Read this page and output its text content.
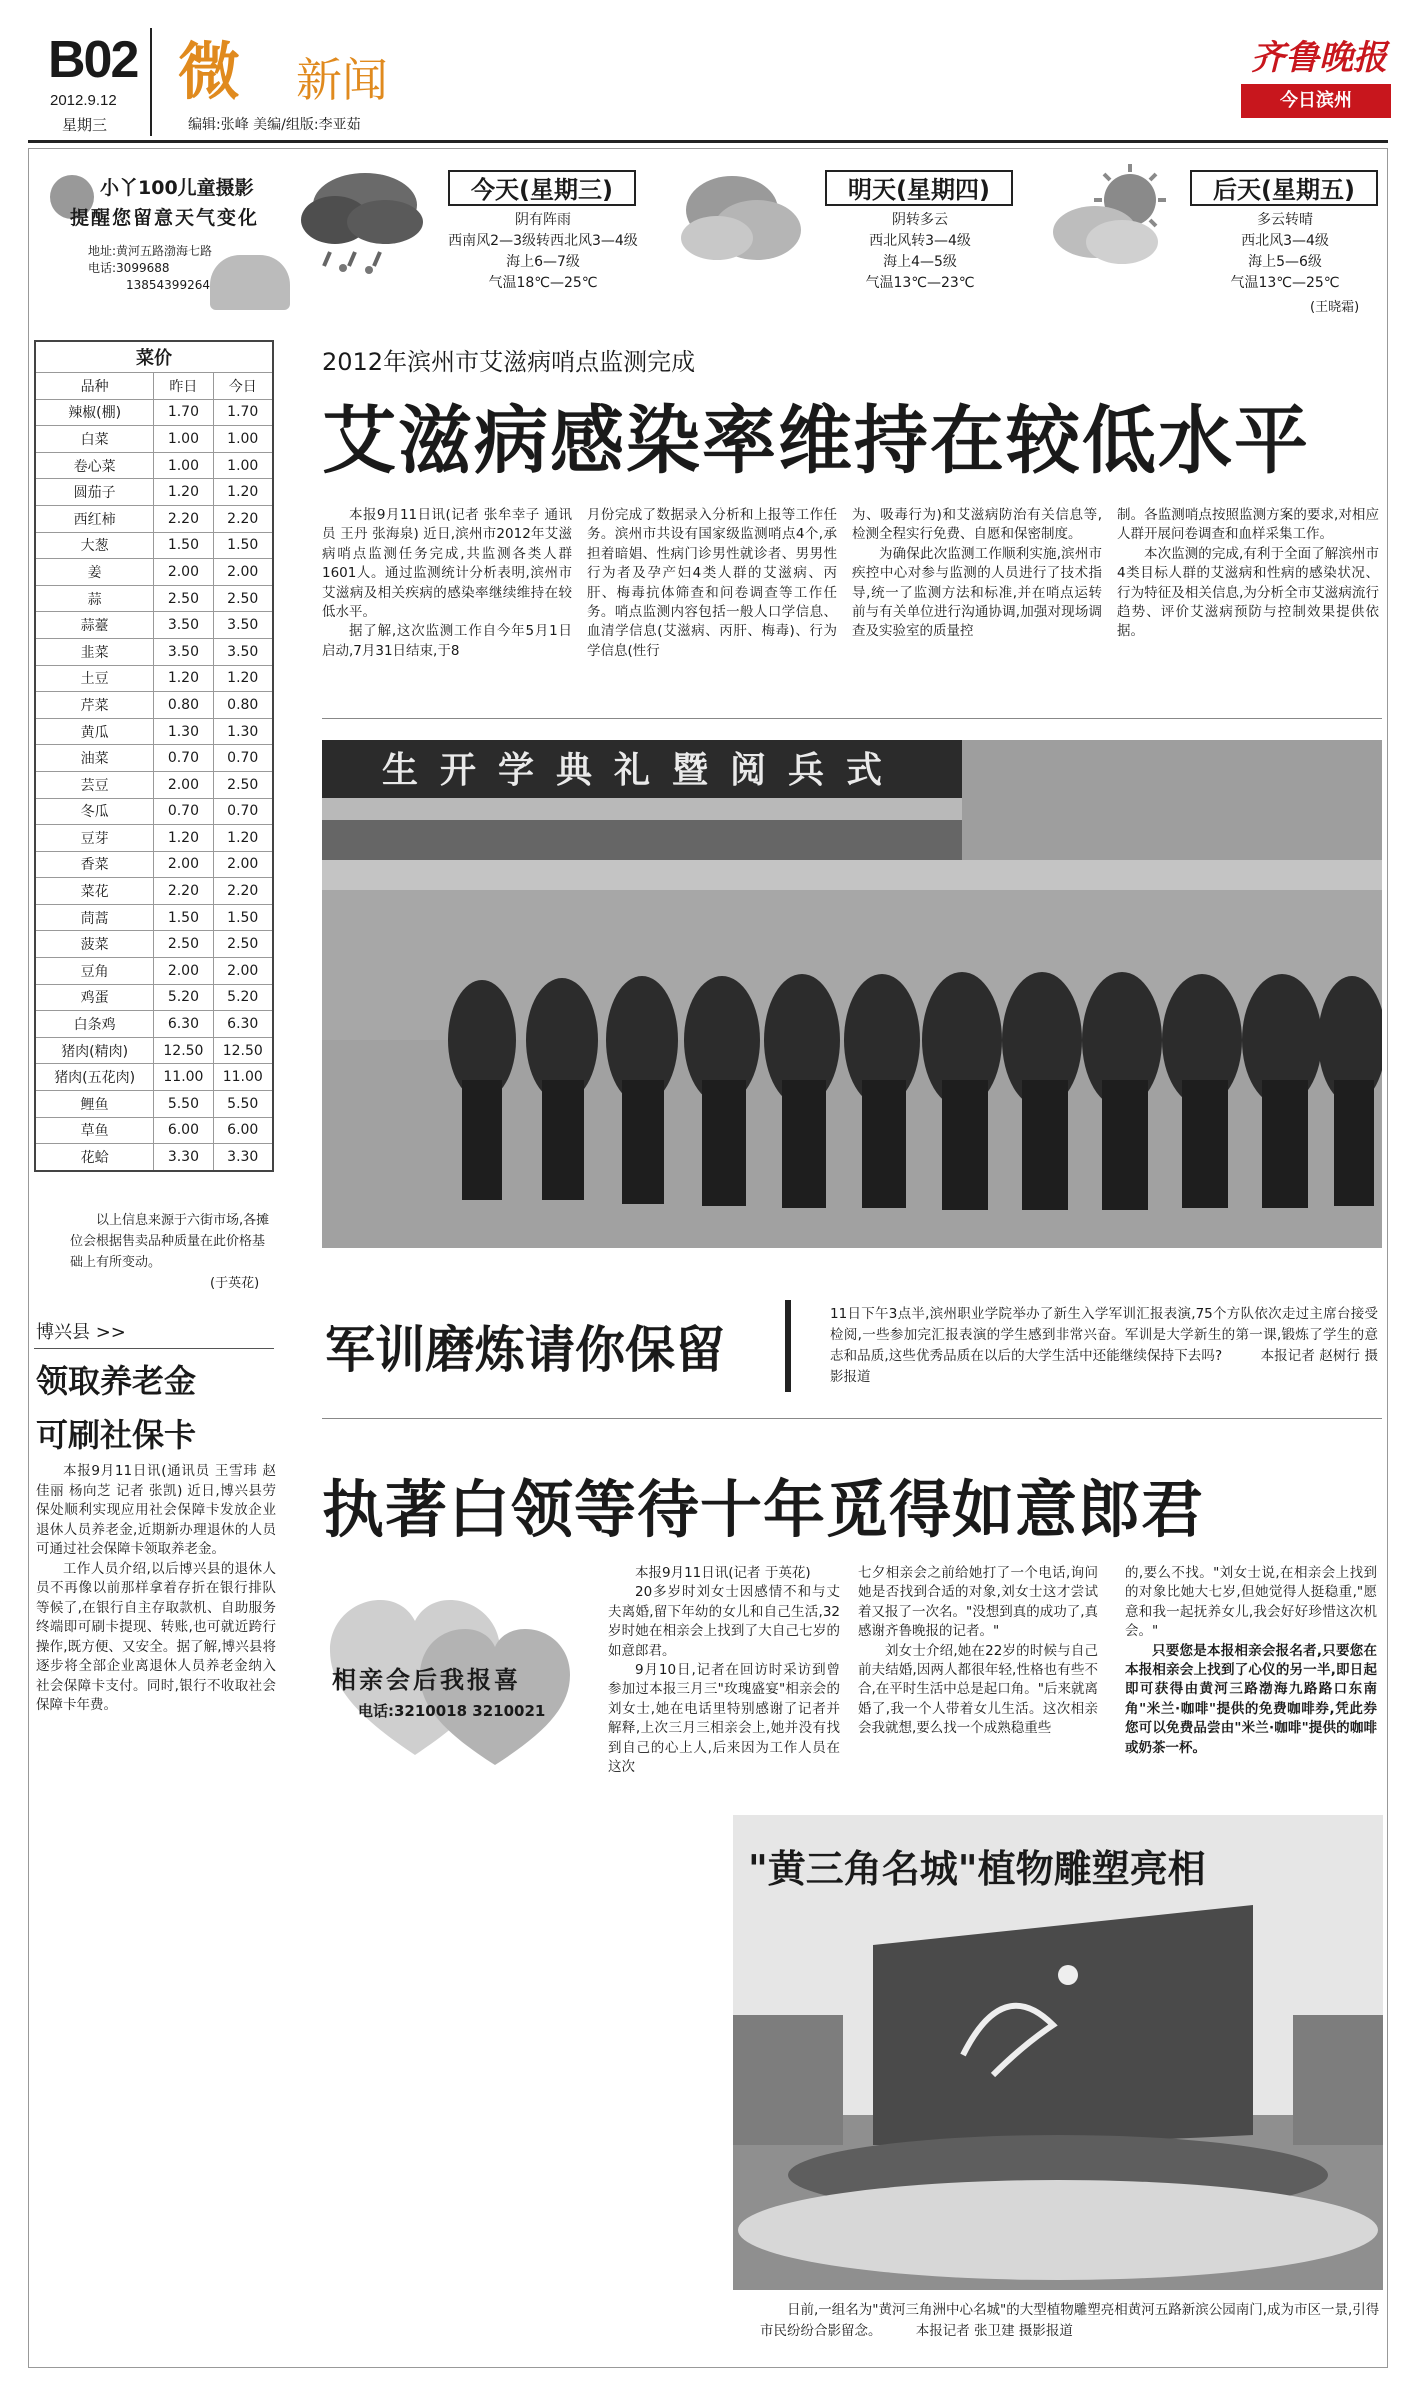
B02
2012.9.12
星期三
微 新闻
编辑:张峰 美编/组版:李亚茹
齐鲁晚报
今日滨州
小丫100儿童摄影
提醒您留意天气变化
地址:黄河五路渤海七路
电话:3099688
13854399264
今天(星期三)
阴有阵雨
西南风2—3级转西北风3—4级
海上6—7级
气温18℃—25℃
明天(星期四)
阴转多云
西北风转3—4级
海上4—5级
气温13℃—23℃
后天(星期五)
多云转晴
西北风3—4级
海上5—6级
气温13℃—25℃
(王晓霜)
菜价		
品种	昨日	今日
辣椒(棚)	1.70	1.70
白菜	1.00	1.00
卷心菜	1.00	1.00
圆茄子	1.20	1.20
西红柿	2.20	2.20
大葱	1.50	1.50
姜	2.00	2.00
蒜	2.50	2.50
蒜薹	3.50	3.50
韭菜	3.50	3.50
土豆	1.20	1.20
芹菜	0.80	0.80
黄瓜	1.30	1.30
油菜	0.70	0.70
芸豆	2.00	2.50
冬瓜	0.70	0.70
豆芽	1.20	1.20
香菜	2.00	2.00
菜花	2.20	2.20
茼蒿	1.50	1.50
菠菜	2.50	2.50
豆角	2.00	2.00
鸡蛋	5.20	5.20
白条鸡	6.30	6.30
猪肉(精肉)	12.50	12.50
猪肉(五花肉)	11.00	11.00
鲤鱼	5.50	5.50
草鱼	6.00	6.00
花蛤	3.30	3.30
以上信息来源于六街市场,各摊位会根据售卖品种质量在此价格基础上有所变动。
(于英花)
博兴县 >>
领取养老金
可刷社保卡

本报9月11日讯(通讯员 王雪玮 赵佳丽 杨向芝 记者 张凯) 近日,博兴县劳保处顺利实现应用社会保障卡发放企业退休人员养老金,近期新办理退休的人员可通过社会保障卡领取养老金。

工作人员介绍,以后博兴县的退休人员不再像以前那样拿着存折在银行排队等候了,在银行自主存取款机、自助服务终端即可刷卡提现、转账,也可就近跨行操作,既方便、又安全。据了解,博兴县将逐步将全部企业离退休人员养老金纳入社会保障卡支付。同时,银行不收取社会保障卡年费。

2012年滨州市艾滋病哨点监测完成
艾滋病感染率维持在较低水平

本报9月11日讯(记者 张牟幸子 通讯员 王丹 张海泉) 近日,滨州市2012年艾滋病哨点监测任务完成,共监测各类人群1601人。通过监测统计分析表明,滨州市艾滋病及相关疾病的感染率继续维持在较低水平。

据了解,这次监测工作自今年5月1日启动,7月31日结束,于8

月份完成了数据录入分析和上报等工作任务。滨州市共设有国家级监测哨点4个,承担着暗娼、性病门诊男性就诊者、男男性行为者及孕产妇4类人群的艾滋病、丙肝、梅毒抗体筛查和问卷调查等工作任务。哨点监测内容包括一般人口学信息、血清学信息(艾滋病、丙肝、梅毒)、行为学信息(性行

为、吸毒行为)和艾滋病防治有关信息等,检测全程实行免费、自愿和保密制度。

为确保此次监测工作顺利实施,滨州市疾控中心对参与监测的人员进行了技术指导,统一了监测方法和标准,并在哨点运转前与有关单位进行沟通协调,加强对现场调查及实验室的质量控

制。各监测哨点按照监测方案的要求,对相应人群开展问卷调查和血样采集工作。

本次监测的完成,有利于全面了解滨州市4类目标人群的艾滋病和性病的感染状况、行为特征及相关信息,为分析全市艾滋病流行趋势、评价艾滋病预防与控制效果提供依据。

生开学典礼暨阅兵式
军训磨炼请你保留
11日下午3点半,滨州职业学院举办了新生入学军训汇报表演,75个方队依次走过主席台接受检阅,一些参加完汇报表演的学生感到非常兴奋。军训是大学新生的第一课,锻炼了学生的意志和品质,这些优秀品质在以后的大学生活中还能继续保持下去吗?	本报记者 赵树行 摄影报道
执著白领等待十年觅得如意郎君
相亲会后我报喜
电话:3210018 3210021

本报9月11日讯(记者 于英花)

20多岁时刘女士因感情不和与丈夫离婚,留下年幼的女儿和自己生活,32岁时她在相亲会上找到了大自己七岁的如意郎君。

9月10日,记者在回访时采访到曾参加过本报三月三"玫瑰盛宴"相亲会的刘女士,她在电话里特别感谢了记者并解释,上次三月三相亲会上,她并没有找到自己的心上人,后来因为工作人员在这次

七夕相亲会之前给她打了一个电话,询问她是否找到合适的对象,刘女士这才尝试着又报了一次名。"没想到真的成功了,真感谢齐鲁晚报的记者。"

刘女士介绍,她在22岁的时候与自己前夫结婚,因两人都很年轻,性格也有些不合,在平时生活中总是起口角。"后来就离婚了,我一个人带着女儿生活。这次相亲会我就想,要么找一个成熟稳重些

的,要么不找。"刘女士说,在相亲会上找到的对象比她大七岁,但她觉得人挺稳重,"愿意和我一起抚养女儿,我会好好珍惜这次机会。"

只要您是本报相亲会报名者,只要您在本报相亲会上找到了心仪的另一半,即日起即可获得由黄河三路渤海九路路口东南角"米兰·咖啡"提供的免费咖啡券,凭此券您可以免费品尝由"米兰·咖啡"提供的咖啡或奶茶一杯。

"黄三角名城"植物雕塑亮相
日前,一组名为"黄河三角洲中心名城"的大型植物雕塑亮相黄河五路新滨公园南门,成为市区一景,引得市民纷纷合影留念。	本报记者 张卫建 摄影报道
